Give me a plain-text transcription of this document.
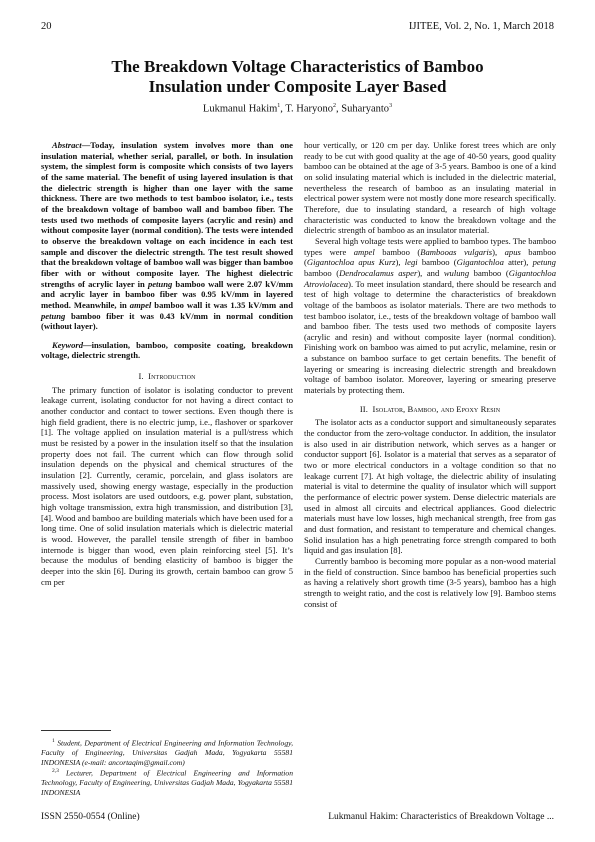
20	IJITEE, Vol. 2, No. 1, March 2018
The Breakdown Voltage Characteristics of Bamboo
Insulation under Composite Layer Based
Lukmanul Hakim$^1$, T. Haryono$^2$, Suharyanto$^3$

Abstract—Today, insulation system involves more than one insulation material, whether serial, parallel, or both. In insulation system, the simplest form is composite which consists of two layers of the same material. The benefit of using layered insulation is that the dielectric strength is higher than one layer with the same thickness. There are two methods to test bamboo isolator, i.e., tests of the breakdown voltage of bamboo wall and bamboo fiber. The tests used two methods of composite layers (acrylic and resin) and without composite layer (normal condition). The tests were intended to observe the breakdown voltage on each incidence in each test sample and discover the dielectric strength. The test result showed that the breakdown voltage of bamboo wall was bigger than bamboo fiber with or without composite layer. The highest dielectric strengths of acrylic layer in petung bamboo wall were 2.07 kV/mm and acrylic layer in bamboo fiber was 0.95 kV/mm in layered method. Meanwhile, in ampel bamboo wall it was 1.35 kV/mm and petung bamboo fiber it was 0.43 kV/mm in normal condition (without layer).

Keyword—insulation, bamboo, composite coating, breakdown voltage, dielectric strength.

I. Introduction

The primary function of isolator is isolating conductor to prevent leakage current, isolating conductor for not having a direct contact to another conductor and contact to tower sections. Even though there is high field gradient, there is no electric jump, i.e., flashover or sparkover [1]. The voltage applied on insulation material is a pull/stress which must be resisted by a power in the insulation itself so that the insulation property does not fail. The current which can flow through solid insulation depends on the physical and chemical structures of the insulation [2]. Currently, ceramic, porcelain, and glass isolators are massively used, showing energy wastage, especially in the production process. Most isolators are used outdoors, e.g. power plant, substation, high voltage transmission, extra high transmission, and distribution [3], [4]. Wood and bamboo are building materials which have been used for a long time. One of solid insulation materials which is dielectric material is wood. However, the parallel tensile strength of fiber in bamboo internode is bigger than wood, even plain reinforcing steel [5]. It’s because the modulus of bending elasticity of bamboo is bigger the deeper into the skin [6]. During its growth, certain bamboo can grow 5 cm per

$^1$ Student, Department of Electrical Engineering and Information Technology, Faculty of Engineering, Universitas Gadjah Mada, Yogyakarta 55581 INDONESIA (e-mail: ancortaqim@gmail.com)
$^{2,3}$ Lecturer, Department of Electrical Engineering and Information Technology, Faculty of Engineering, Universitas Gadjah Mada, Yogyakarta 55581 INDONESIA

hour vertically, or 120 cm per day. Unlike forest trees which are only ready to be cut with good quality at the age of 40-50 years, good quality bamboo can be obtained at the age of 3-5 years. Bamboo is one of a kind on solid insulating material which is included in the dielectric material, nevertheless the research of bamboo as an insulating material in electrical power system were not mostly done more research specifically. Therefore, due to insulating standard, a research of high voltage characteristic was conducted to know the breakdown voltage and the dielectric strength of bamboo as an insulator material.

Several high voltage tests were applied to bamboo types. The bamboo types were ampel bamboo (Bambooas vulgaris), apus bamboo (Gigantochloa apus Kurz), legi bamboo (Gigantochloa atter), petung bamboo (Dendrocalamus asper), and wulung bamboo (Gigantochloa Atroviolacea). To meet insulation standard, there should be research and test of high voltage to determine the characteristics of breakdown voltage of the bamboos as isolator materials. There are two methods to test bamboo isolator, i.e., tests of the breakdown voltage of bamboo wall and bamboo fiber. The tests used two methods of composite layers (acrylic and resin) and without composite layer (normal condition). Finishing work on bamboo was aimed to put acrylic, melamine, resin or a substance on bamboo surface to get certain benefits. The benefit of layering or smearing is increasing dielectric strength and breakdown voltage of bamboo isolator. Moreover, layering or smearing preserve materials by protecting them.

II. Isolator, Bamboo, and Epoxy Resin

The isolator acts as a conductor support and simultaneously separates the conductor from the zero-voltage conductor. In addition, the insulator is also used in air distribution network, which serves as a hanger or conductor support [6]. Isolator is a material that serves as a separator of two or more electrical conductors in a voltage condition so that no leakage current [7]. At high voltage, the dielectric ability of insulating material is vital to determine the quality of insulator which will support the performance of electric power system. Dense dielectric materials are used in almost all circuits and electrical appliances. Good dielectric materials must have low losses, high mechanical strength, free from gas and dust formation, and resistant to temperature and chemical changes. Solid insulation has a high penetrating force strength compared to both liquid and gas insulation [8].

Currently bamboo is becoming more popular as a non-wood material in the field of construction. Since bamboo has beneficial properties such as having a relatively short growth time (3-5 years), bamboo has a high strength to weight ratio, and the cost is relatively low [9]. Bamboo stems consist of

ISSN 2550-0554 (Online)	Lukmanul Hakim: Characteristics of Breakdown Voltage ...
